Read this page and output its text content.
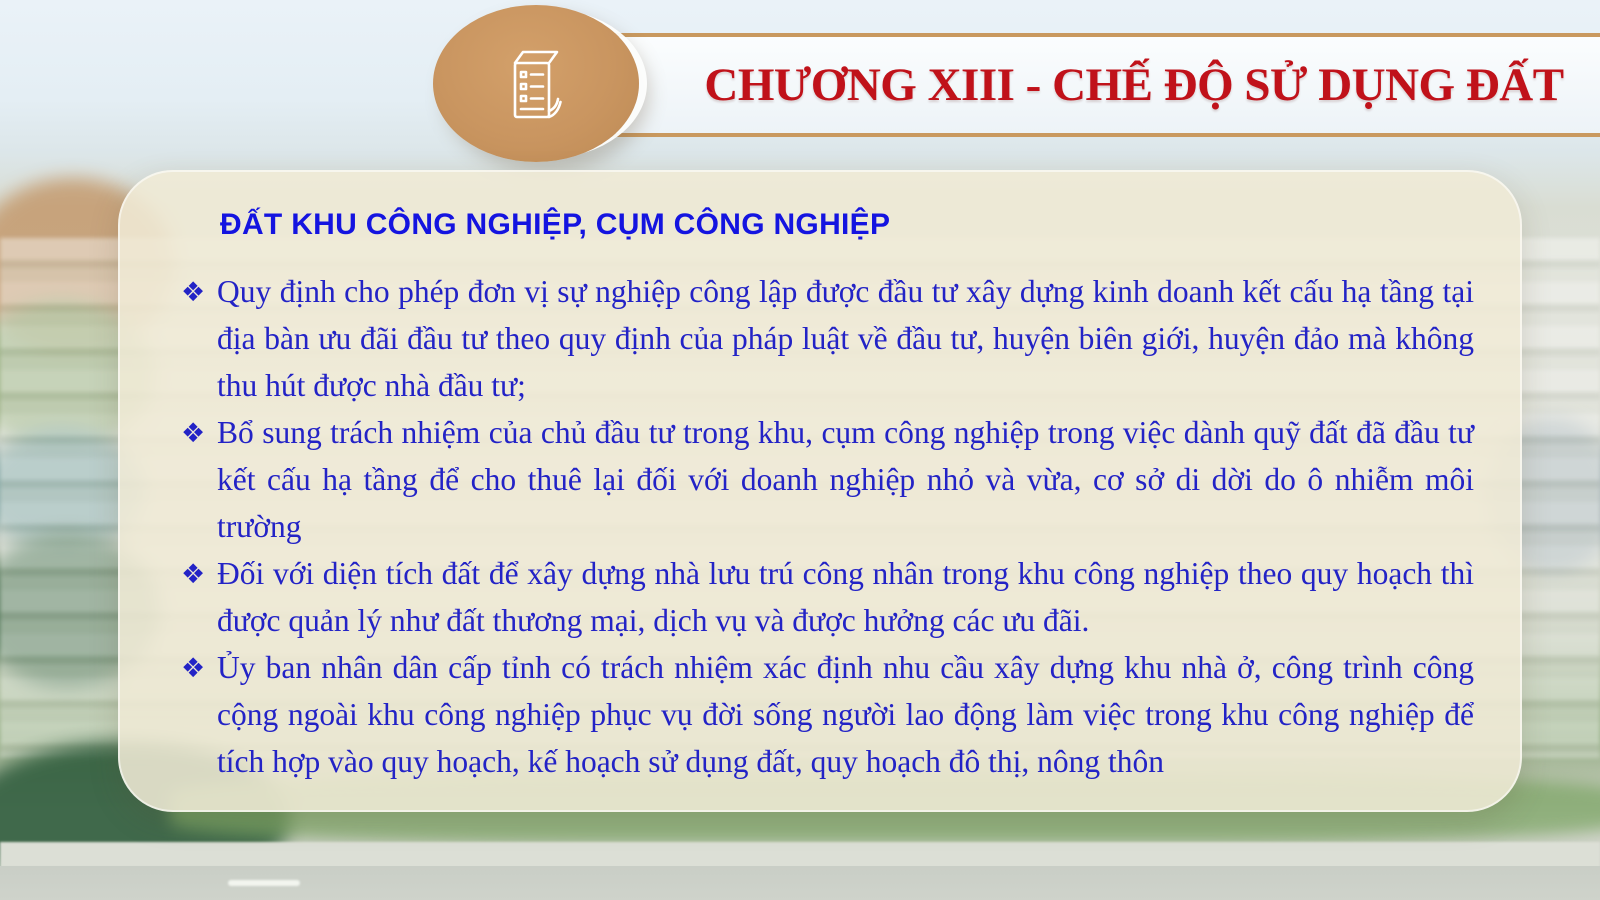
CHƯƠNG XIII - CHẾ ĐỘ SỬ DỤNG ĐẤT
ĐẤT KHU CÔNG NGHIỆP, CỤM CÔNG NGHIỆP
❖ Quy định cho phép đơn vị sự nghiệp công lập được đầu tư xây dựng kinh doanh kết cấu hạ tầng tại địa bàn ưu đãi đầu tư theo quy định của pháp luật về đầu tư, huyện biên giới, huyện đảo mà không thu hút được nhà đầu tư;
❖ Bổ sung trách nhiệm của chủ đầu tư trong khu, cụm công nghiệp trong việc dành quỹ đất đã đầu tư kết cấu hạ tầng để cho thuê lại đối với doanh nghiệp nhỏ và vừa, cơ sở di dời do ô nhiễm môi trường
❖ Đối với diện tích đất để xây dựng nhà lưu trú công nhân trong khu công nghiệp theo quy hoạch thì được quản lý như đất thương mại, dịch vụ và được hưởng các ưu đãi.
❖ Ủy ban nhân dân cấp tỉnh có trách nhiệm xác định nhu cầu xây dựng khu nhà ở, công trình công cộng ngoài khu công nghiệp phục vụ đời sống người lao động làm việc trong khu công nghiệp để tích hợp vào quy hoạch, kế hoạch sử dụng đất, quy hoạch đô thị, nông thôn
